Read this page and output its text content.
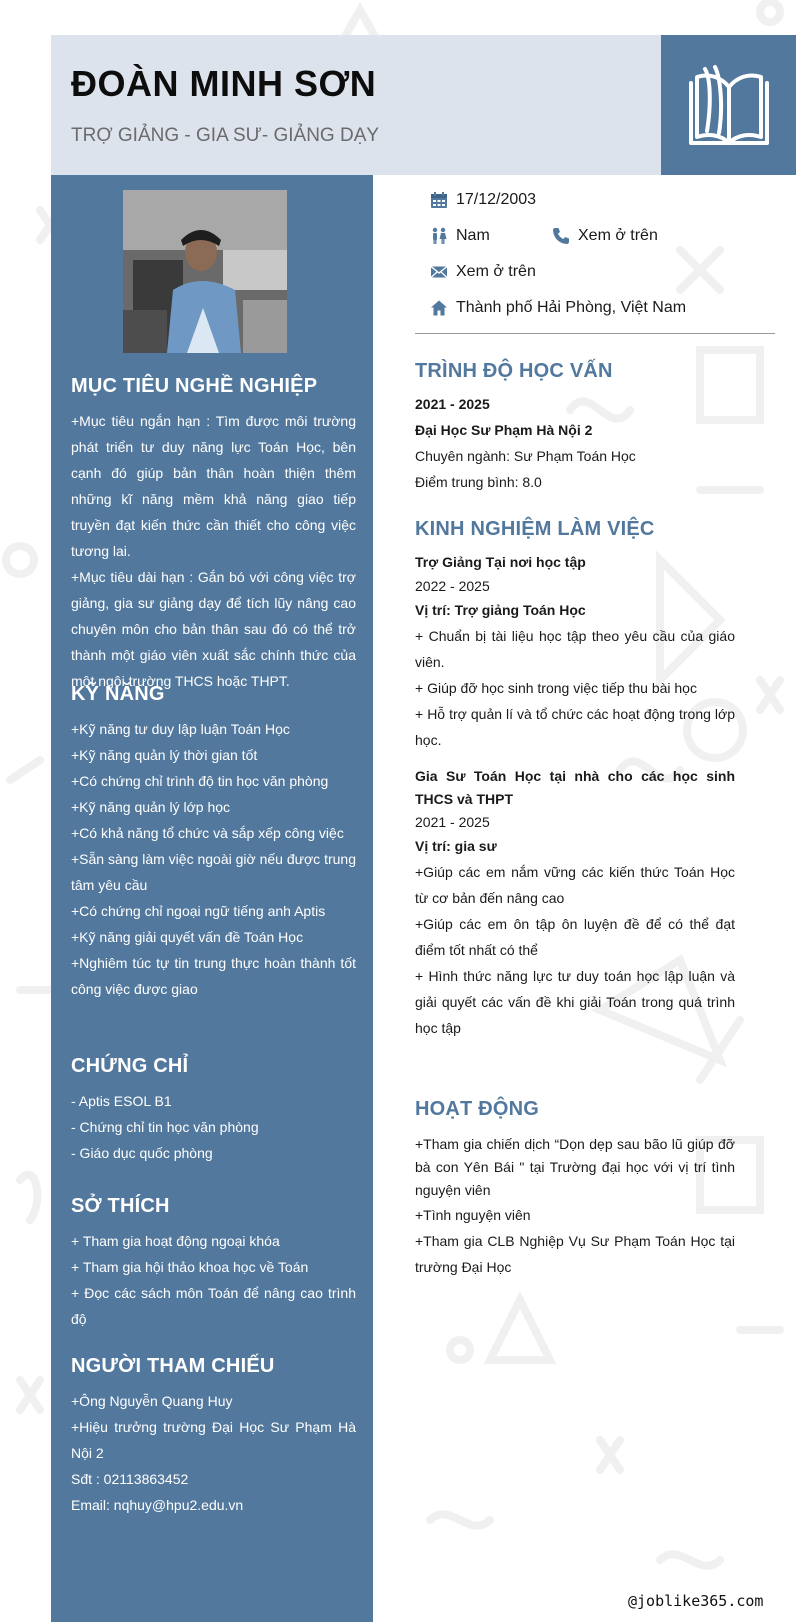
ĐOÀN MINH SƠN
TRỢ GIẢNG - GIA SƯ- GIẢNG DẠY
MỤC TIÊU NGHỀ NGHIỆP
+Mục tiêu ngắn hạn : Tìm được môi trường phát triển tư duy năng lực Toán Học, bên cạnh đó giúp bản thân hoàn thiện thêm những kĩ năng mềm khả năng giao tiếp truyền đạt kiến thức cần thiết cho công việc tương lai.
+Mục tiêu dài hạn : Gắn bó với công việc trợ giảng, gia sư giảng dạy để tích lũy nâng cao chuyên môn cho bản thân sau đó có thể trở thành một giáo viên xuất sắc chính thức của một ngôi trường THCS hoặc THPT.
KỸ NĂNG
+Kỹ năng tư duy lập luận Toán Học
+Kỹ năng quản lý thời gian tốt
+Có chứng chỉ trình độ tin học văn phòng
+Kỹ năng quản lý lớp học
+Có khả năng tổ chức và sắp xếp công việc
+Sẵn sàng làm việc ngoài giờ nếu được trung tâm yêu cầu
+Có chứng chỉ ngoại ngữ tiếng anh Aptis
+Kỹ năng giải quyết vấn đề Toán Học
+Nghiêm túc tự tin trung thực hoàn thành tốt công việc được giao
CHỨNG CHỈ
- Aptis ESOL B1
- Chứng chỉ tin học văn phòng
- Giáo dục quốc phòng
SỞ THÍCH
+ Tham gia hoạt động ngoại khóa
+ Tham gia hội thảo khoa học về Toán
+ Đọc các sách môn Toán để nâng cao trình độ
NGƯỜI THAM CHIẾU
+Ông Nguyễn Quang Huy
+Hiệu trưởng trường Đại Học Sư Phạm Hà Nội 2
Sđt : 02113863452
Email: nqhuy@hpu2.edu.vn
17/12/2003
Nam	Xem ở trên
Xem ở trên
Thành phố Hải Phòng, Việt Nam
TRÌNH ĐỘ HỌC VẤN
2021 - 2025
Đại Học Sư Phạm Hà Nội 2
Chuyên ngành: Sư Phạm Toán Học
Điểm trung bình: 8.0
KINH NGHIỆM LÀM VIỆC
Trợ Giảng Tại nơi học tập
2022 - 2025
Vị trí: Trợ giảng Toán Học
+ Chuẩn bị tài liệu học tập theo yêu cầu của giáo viên.
+ Giúp đỡ học sinh trong việc tiếp thu bài học
+ Hỗ trợ quản lí và tổ chức các hoạt động trong lớp học.
Gia Sư Toán Học tại nhà cho các học sinh THCS và THPT
2021 - 2025
Vị trí: gia sư
+Giúp các em nắm vững các kiến thức Toán Học từ cơ bản đến nâng cao
+Giúp các em ôn tập ôn luyện đề để có thể đạt điểm tốt nhất có thể
+ Hình thức năng lực tư duy toán học lập luận và giải quyết các vấn đề khi giải Toán trong quá trình học tập
HOẠT ĐỘNG
+Tham gia chiến dịch “Dọn dẹp sau bão lũ giúp đỡ bà con Yên Bái " tại Trường đại học với vị trí tình nguyện viên
+Tình nguyện viên
+Tham gia CLB Nghiệp Vụ Sư Phạm Toán Học tại trường Đại Học
@joblike365.com
